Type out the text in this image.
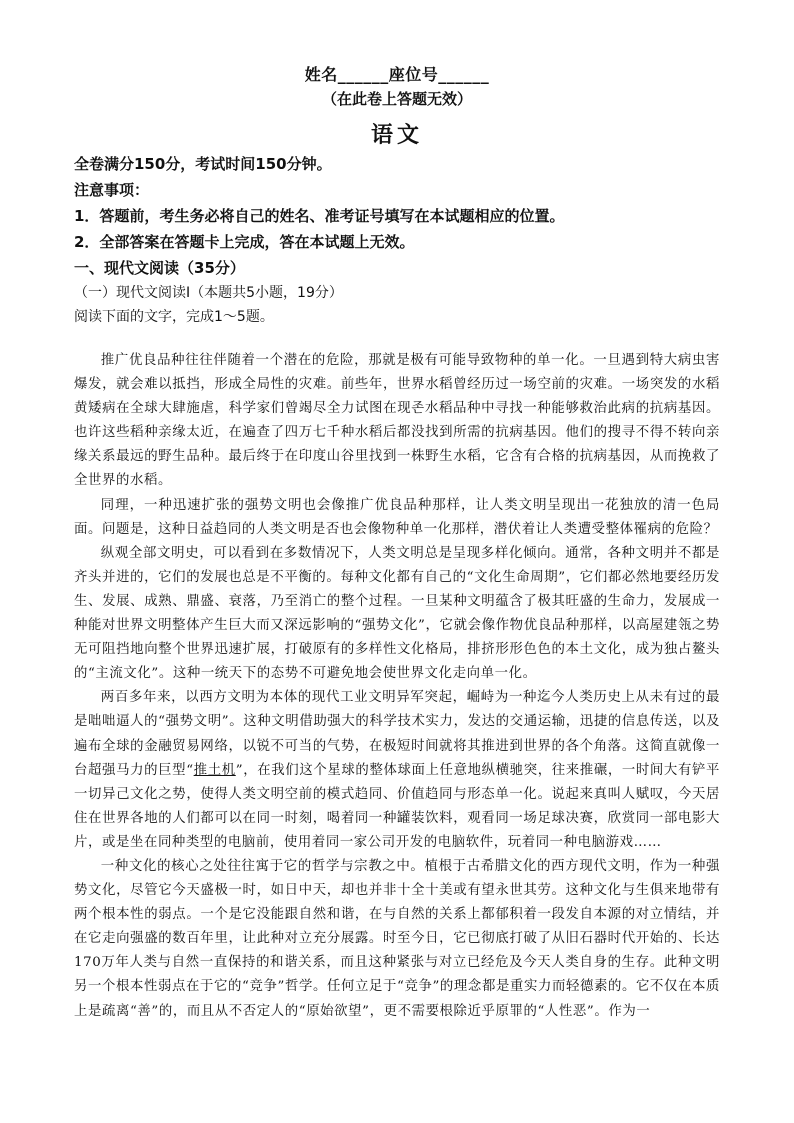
姓名______座位号______
（在此卷上答题无效）
语文
全卷满分150分，考试时间150分钟。
注意事项：
1．答题前，考生务必将自己的姓名、准考证号填写在本试题相应的位置。
2．全部答案在答题卡上完成，答在本试题上无效。
一、现代文阅读（35分）
（一）现代文阅读Ⅰ（本题共5小题，19分）
阅读下面的文字，完成1～5题。

推广优良品种往往伴随着一个潜在的危险，那就是极有可能导致物种的单一化。一旦遇到特大病虫害爆发，就会难以抵挡，形成全局性的灾难。前些年，世界水稻曾经历过一场空前的灾难。一场突发的水稻黄矮病在全球大肆施虐，科学家们曾竭尽全力试图在现존水稻品种中寻找一种能够救治此病的抗病基因。也许这些稻种亲缘太近，在遍查了四万七千种水稻后都没找到所需的抗病基因。他们的搜寻不得不转向亲缘关系最远的野生品种。最后终于在印度山谷里找到一株野生水稻，它含有合格的抗病基因，从而挽救了全世界的水稻。

同理，一种迅速扩张的强势文明也会像推广优良品种那样，让人类文明呈现出一花独放的清一色局面。问题是，这种日益趋同的人类文明是否也会像物种单一化那样，潜伏着让人类遭受整体罹病的危险？

纵观全部文明史，可以看到在多数情况下，人类文明总是呈现多样化倾向。通常，各种文明并不都是齐头并进的，它们的发展也总是不平衡的。每种文化都有自己的“文化生命周期”，它们都必然地要经历发生、发展、成熟、鼎盛、衰落，乃至消亡的整个过程。一旦某种文明蕴含了极其旺盛的生命力，发展成一种能对世界文明整体产生巨大而又深远影响的“强势文化”，它就会像作物优良品种那样，以高屋建瓴之势无可阻挡地向整个世界迅速扩展，打破原有的多样性文化格局，排挤形形色色的本土文化，成为独占鳌头的“主流文化”。这种一统天下的态势不可避免地会使世界文化走向单一化。

两百多年来，以西方文明为本体的现代工业文明异军突起，崛峙为一种迄今人类历史上从未有过的最是咄咄逼人的“强势文明”。这种文明借助强大的科学技术实力，发达的交通运输，迅捷的信息传送，以及遍布全球的金融贸易网络，以锐不可当的气势，在极短时间就将其推进到世界的各个角落。这简直就像一台超强马力的巨型“推土机”，在我们这个星球的整体球面上任意地纵横驰突，往来推碾，一时间大有铲平一切异己文化之势，使得人类文明空前的模式趋同、价值趋同与形态单一化。说起来真叫人赋叹，今天居住在世界各地的人们都可以在同一时刻，喝着同一种罐装饮料，观看同一场足球决赛，欣赏同一部电影大片，或是坐在同种类型的电脑前，使用着同一家公司开发的电脑软件，玩着同一种电脑游戏……

一种文化的核心之处往往寓于它的哲学与宗教之中。植根于古希腊文化的西方现代文明，作为一种强势文化，尽管它今天盛极一时，如日中天，却也并非十全十美或有望永世其劳。这种文化与生俱来地带有两个根本性的弱点。一个是它没能跟自然和谐，在与自然的关系上都郁积着一段发自本源的对立情结，并在它走向强盛的数百年里，让此种对立充分展露。时至今日，它已彻底打破了从旧石器时代开始的、长达170万年人类与自然一直保持的和谐关系，而且这种紧张与对立已经危及今天人类自身的生存。此种文明另一个根本性弱点在于它的“竞争”哲学。任何立足于“竞争”的理念都是重实力而轻德素的。它不仅在本质上是疏离“善”的，而且从不否定人的“原始欲望”，更不需要根除近乎原罪的“人性恶”。作为一
